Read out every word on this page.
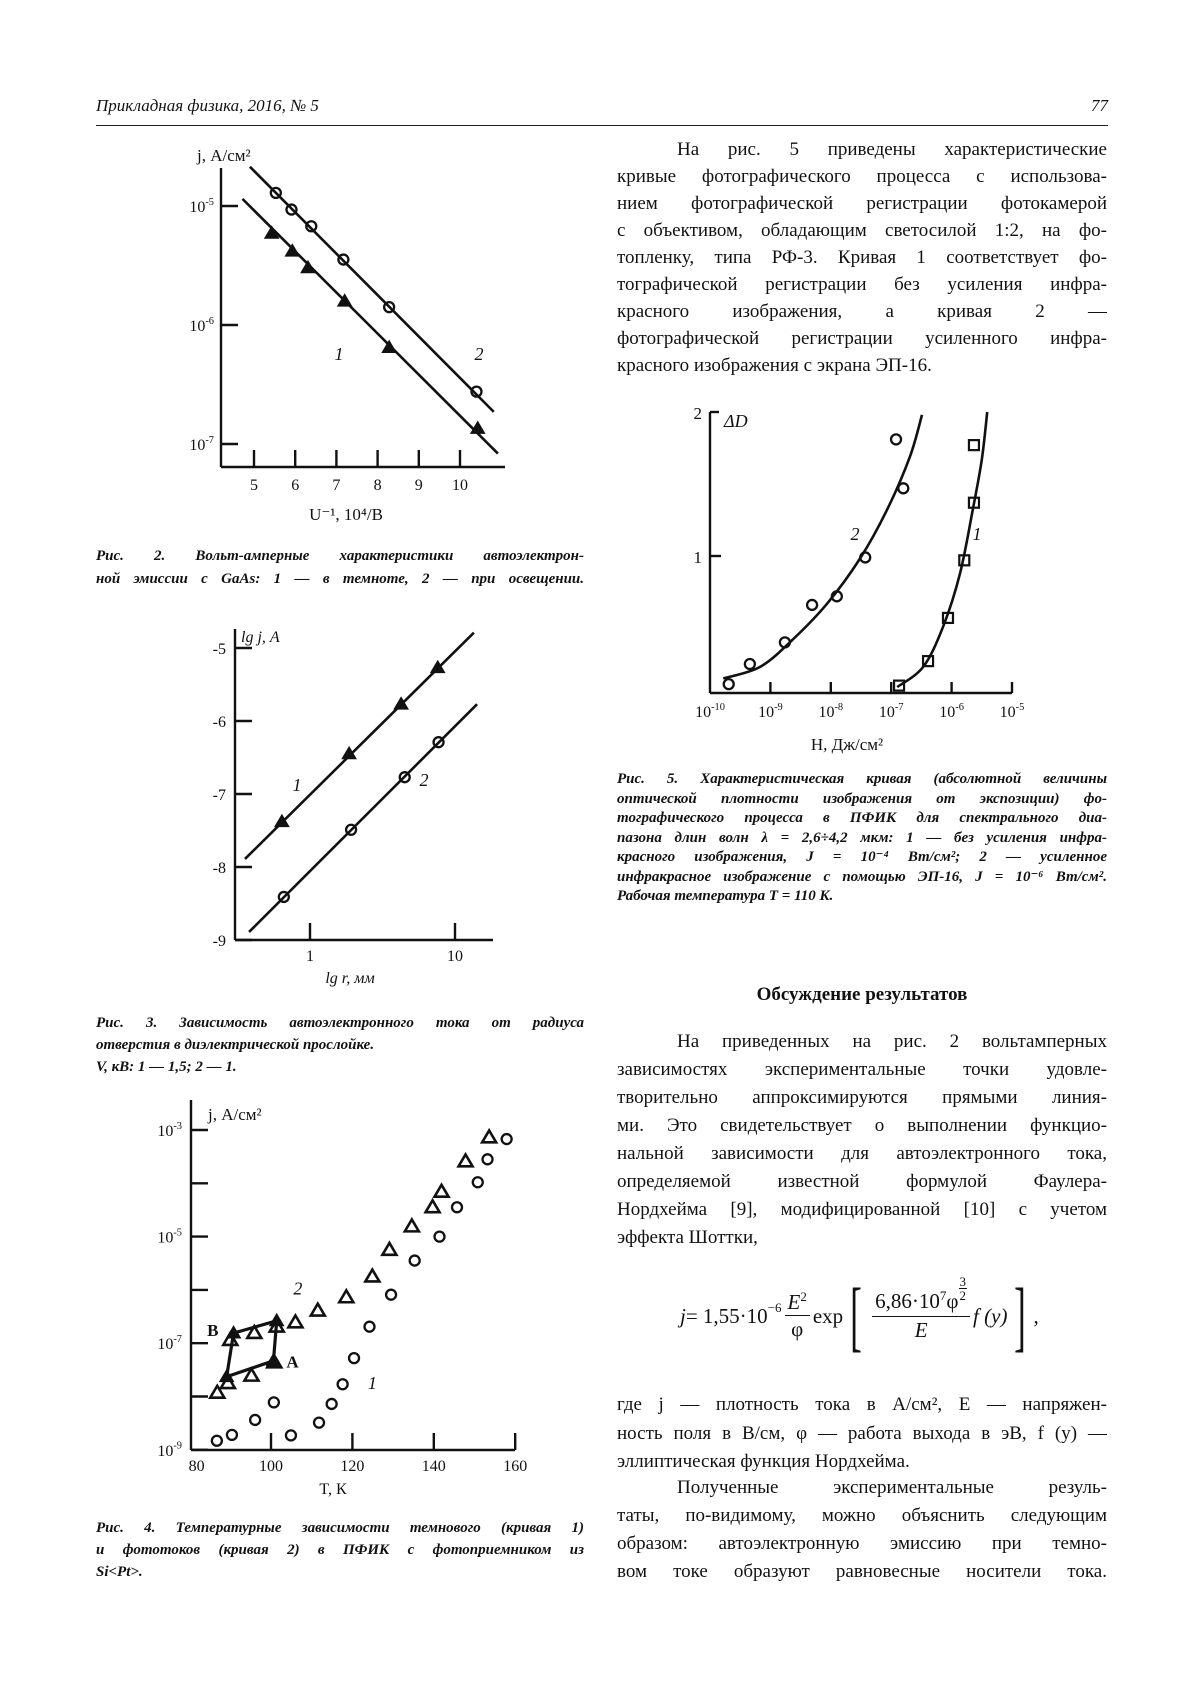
Прикладная физика, 2016, № 5	77
$10^{-5}$
$10^{-6}$
$10^{-7}$
5 6 7 8 9 10
1	2
j, А/см²
U⁻¹, 10⁴/В
-5
-6
-7
-8
-9
1	10
1	2
lg j, А
lg r, мм
$10^{-3}$
$10^{-5}$
$10^{-7}$
$10^{-9}$
80	100	120	140	160
B
A
2
1
j, А/см²
T, К
1
2
$10^{-10}$ $10^{-9}$ $10^{-8}$ $10^{-7}$ $10^{-6}$ $10^{-5}$
1
2
ΔD
H, Дж/см²
Рис. 2. Вольт-амперные характеристики автоэлектрон-
ной эмиссии с GaAs: 1 — в темноте, 2 — при освещении.
Рис. 3. Зависимость автоэлектронного тока от радиуса
отверстия в диэлектрической прослойке.
V, кВ: 1 — 1,5; 2 — 1.
Рис. 4. Температурные зависимости темнового (кривая 1)
и фототоков (кривая 2) в ПФИК с фотоприемником из
Si<Pt>.
Рис. 5. Характеристическая кривая (абсолютной величины
оптической плотности изображения от экспозиции) фо-
тографического процесса в ПФИК для спектрального диа-
пазона длин волн λ = 2,6÷4,2 мкм: 1 — без усиления инфра-
красного изображения, J = 10⁻⁴ Вт/см²; 2 — усиленное
инфракрасное изображение с помощью ЭП-16, J = 10⁻⁶ Вт/см².
Рабочая температура T = 110 K.
На рис. 5 приведены характеристические
кривые фотографического процесса с использова-
нием фотографической регистрации фотокамерой
с объективом, обладающим светосилой 1:2, на фо-
топленку, типа РФ-3. Кривая 1 соответствует фо-
тографической регистрации без усиления инфра-
красного изображения, а кривая 2 —
фотографической регистрации усиленного инфра-
красного изображения с экрана ЭП-16.
Обсуждение результатов
На приведенных на рис. 2 вольтамперных
зависимостях экспериментальные точки удовле-
творительно аппроксимируются прямыми линия-
ми. Это свидетельствует о выполнении функцио-
нальной зависимости для автоэлектронного тока,
определяемой известной формулой Фаулера-
Нордхейма [9], модифицированной [10] с учетом
эффекта Шоттки,
$j = 1,55\cdot 10^{-6} \frac{E^2}{\varphi}$ exp [ $\frac{6,86\cdot 10^7\varphi \frac{3}{2}}{E}$ f (y) ] ,
где j — плотность тока в A/см², E — напряжен-
ность поля в В/см, φ — работа выхода в эВ, f (y) —
эллиптическая функция Нордхейма.
Полученные экспериментальные резуль-
таты, по-видимому, можно объяснить следующим
образом: автоэлектронную эмиссию при темно-
вом токе образуют равновесные носители тока.
